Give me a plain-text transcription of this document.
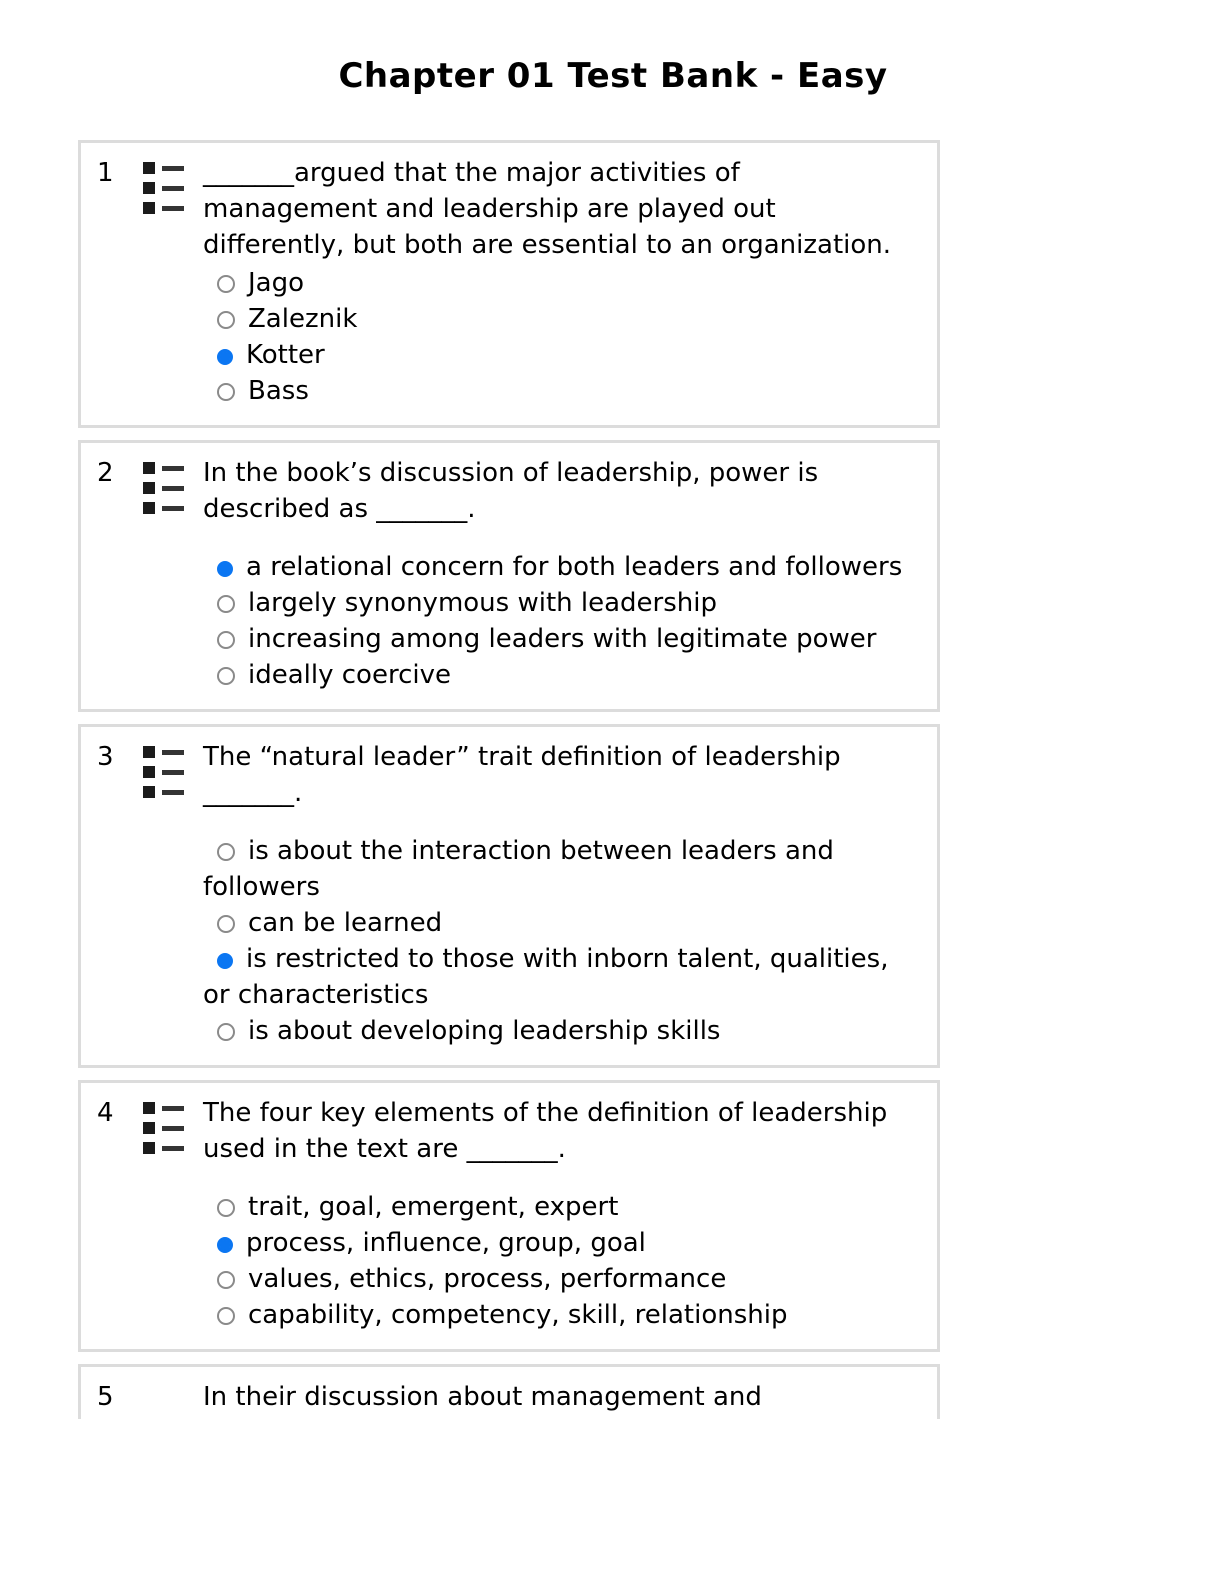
Chapter 01 Test Bank - Easy
1	_______argued that the major activities of management and leadership are played out differently, but both are essential to an organization.
Jago
Zaleznik
Kotter
Bass
2	In the book’s discussion of leadership, power is described as _______.
a relational concern for both leaders and followers
largely synonymous with leadership
increasing among leaders with legitimate power
ideally coercive
3	The “natural leader” trait definition of leadership _______.
is about the interaction between leaders and followers
can be learned
is restricted to those with inborn talent, qualities, or characteristics
is about developing leadership skills
4	The four key elements of the definition of leadership used in the text are _______.
trait, goal, emergent, expert
process, influence, group, goal
values, ethics, process, performance
capability, competency, skill, relationship
5	In their discussion about management and
